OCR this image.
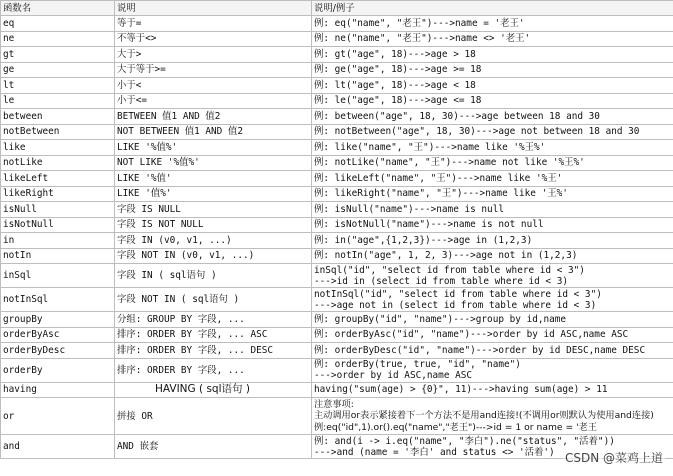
函数名	说明	说明/例子
eq	等于=	例: eq("name", "老王")--->name = '老王'

ne	不等于<>	例: ne("name", "老王")--->name <> '老王'

gt	大于>	例: gt("age", 18)--->age > 18

ge	大于等于>=	例: ge("age", 18)--->age >= 18

lt	小于<	例: lt("age", 18)--->age < 18

le	小于<=	例: le("age", 18)--->age <= 18

between	BETWEEN 值1 AND 值2	例: between("age", 18, 30)--->age between 18 and 30

notBetween	NOT BETWEEN 值1 AND 值2	例: notBetween("age", 18, 30)--->age not between 18 and 30

like	LIKE '%值%'	例: like("name", "王")--->name like '%王%'

notLike	NOT LIKE '%值%'	例: notLike("name", "王")--->name not like '%王%'

likeLeft	LIKE '%值'	例: likeLeft("name", "王")--->name like '%王'

likeRight	LIKE '值%'	例: likeRight("name", "王")--->name like '王%'

isNull	字段 IS NULL	例: isNull("name")--->name is null

isNotNull	字段 IS NOT NULL	例: isNotNull("name")--->name is not null

in	字段 IN (v0, v1, ...)	例: in("age",{1,2,3})--->age in (1,2,3)

notIn	字段 NOT IN (v0, v1, ...)	例: notIn("age", 1, 2, 3)--->age not in (1,2,3)

inSql	字段 IN ( sql语句 )	inSql("id", "select id from table where id < 3")
--->id in (select id from table where id < 3)

notInSql	字段 NOT IN ( sql语句 )	notInSql("id", "select id from table where id < 3")
--->age not in (select id from table where id < 3)

groupBy	分组: GROUP BY 字段, ...	例: groupBy("id", "name")--->group by id,name

orderByAsc	排序: ORDER BY 字段, ... ASC	例: orderByAsc("id", "name")--->order by id ASC,name ASC

orderByDesc	排序: ORDER BY 字段, ... DESC	例: orderByDesc("id", "name")--->order by id DESC,name DESC

orderBy	排序: ORDER BY 字段, ...	例: orderBy(true, true, "id", "name")
--->order by id ASC,name ASC

having	HAVING ( sql语句 )	having("sum(age) > {0}", 11)--->having sum(age) > 11

or	拼接 OR	注意事项:
主动调用or表示紧接着下一个方法不是用and连接!(不调用or则默认为使用and连接)
例:eq("id",1).or().eq("name","老王")--->id = 1 or name = '老王

and	AND 嵌套	例: and(i -> i.eq("name", "李白").ne("status", "活着"))
--->and (name = '李白' and status <> '活着') CSDN @菜鸡上道
